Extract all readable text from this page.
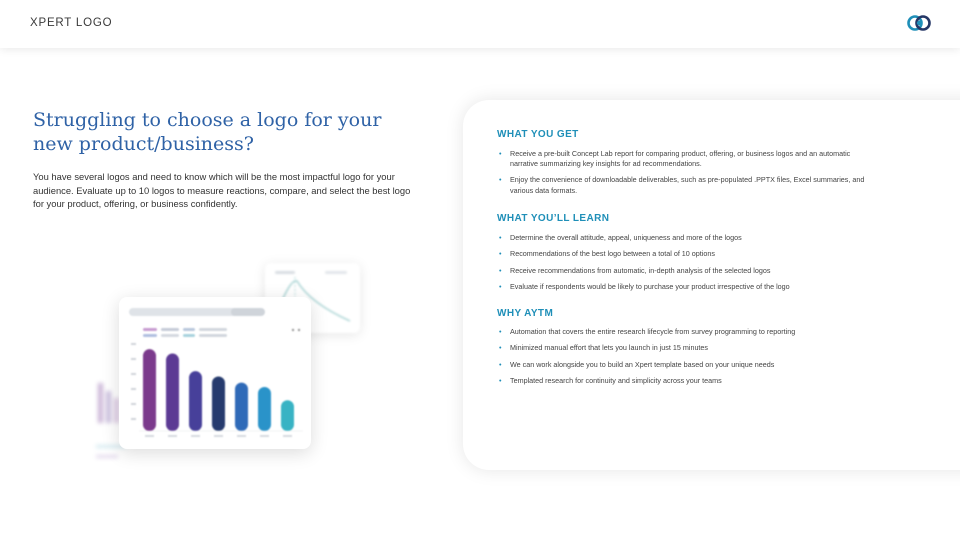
XPERT LOGO
Struggling to choose a logo for your new product/business?

You have several logos and need to know which will be the most impactful logo for your audience. Evaluate up to 10 logos to measure reactions, compare, and select the best logo for your product, offering, or business confidently.

WHAT YOU GET
• Receive a pre-built Concept Lab report for comparing product, offering, or business logos and an automatic narrative summarizing key insights for ad recommendations.
• Enjoy the convenience of downloadable deliverables, such as pre-populated .PPTX files, Excel summaries, and various data formats.
WHAT YOU’LL LEARN
• Determine the overall attitude, appeal, uniqueness and more of the logos
• Recommendations of the best logo between a total of 10 options
• Receive recommendations from automatic, in-depth analysis of the selected logos
• Evaluate if respondents would be likely to purchase your product irrespective of the logo
WHY AYTM
• Automation that covers the entire research lifecycle from survey programming to reporting
• Minimized manual effort that lets you launch in just 15 minutes
• We can work alongside you to build an Xpert template based on your unique needs
• Templated research for continuity and simplicity across your teams
